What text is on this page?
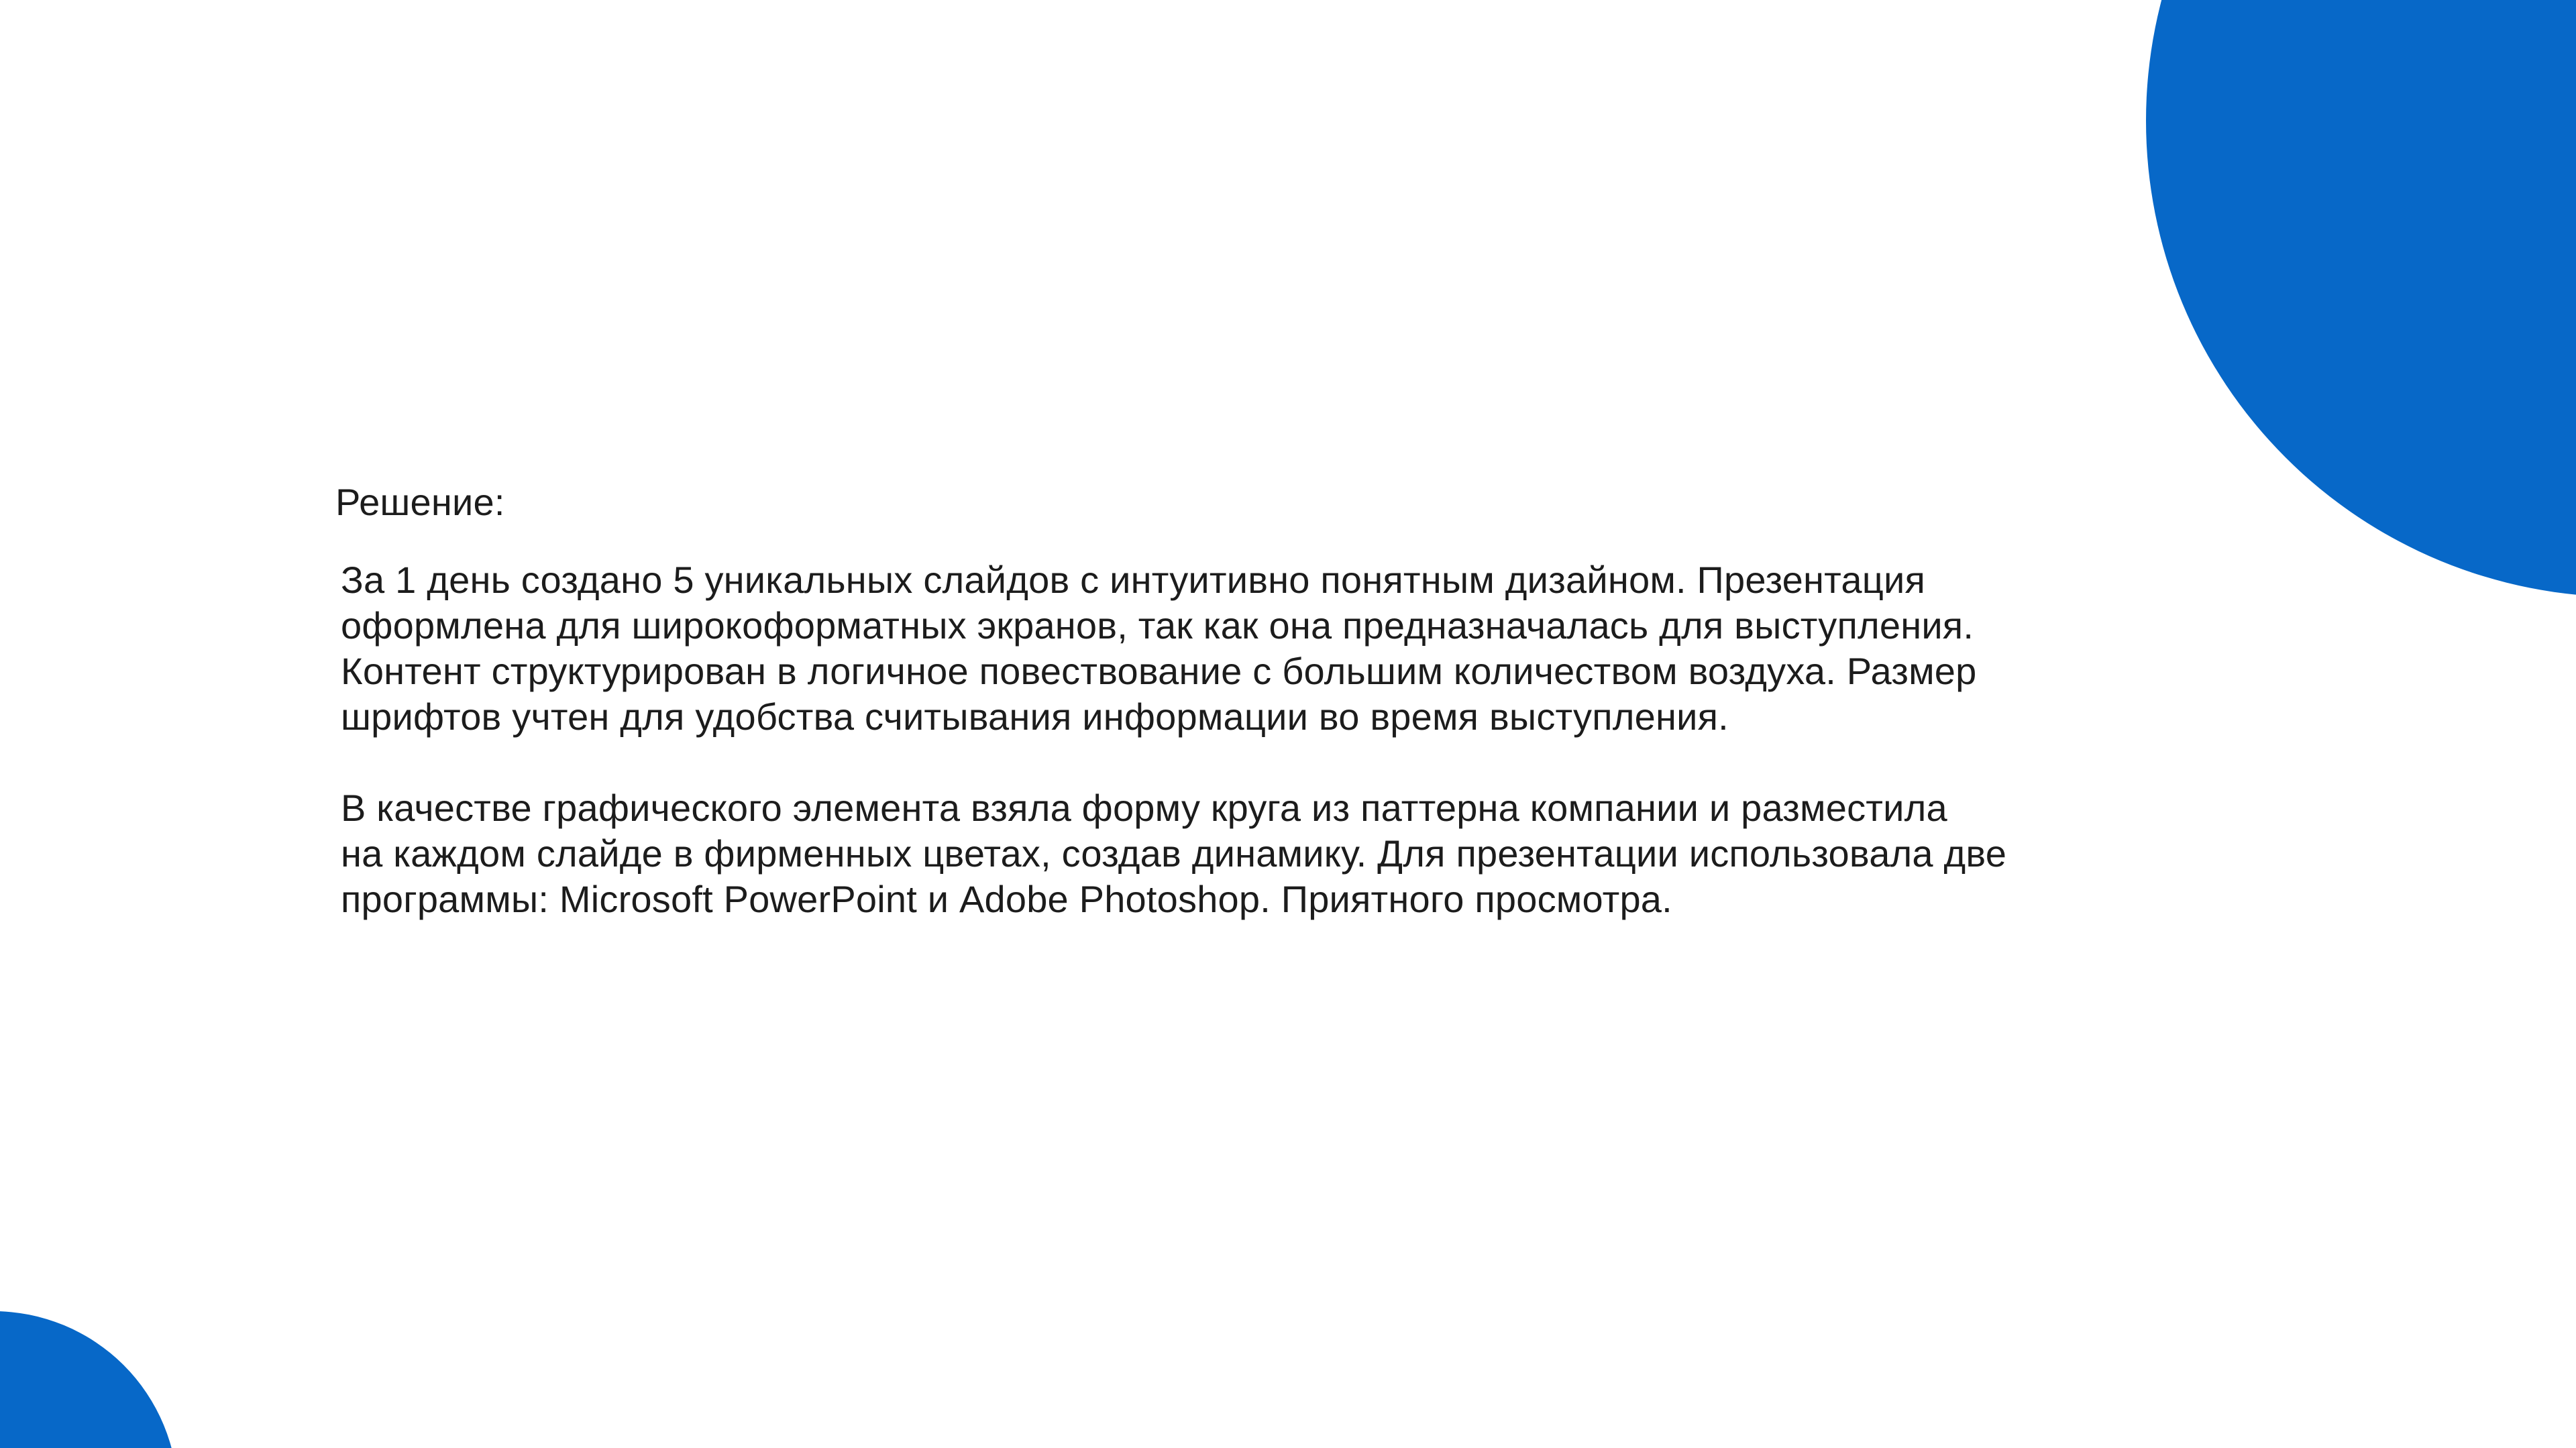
Решение:

За 1 день создано 5 уникальных слайдов с интуитивно понятным дизайном. Презентация
оформлена для широкоформатных экранов, так как она предназначалась для выступления.
Контент структурирован в логичное повествование с большим количеством воздуха. Размер
шрифтов учтен для удобства считывания информации во время выступления.

В качестве графического элемента взяла форму круга из паттерна компании и разместила
на каждом слайде в фирменных цветах, создав динамику. Для презентации использовала две
программы: Microsoft PowerPoint и Adobe Photoshop. Приятного просмотра.
